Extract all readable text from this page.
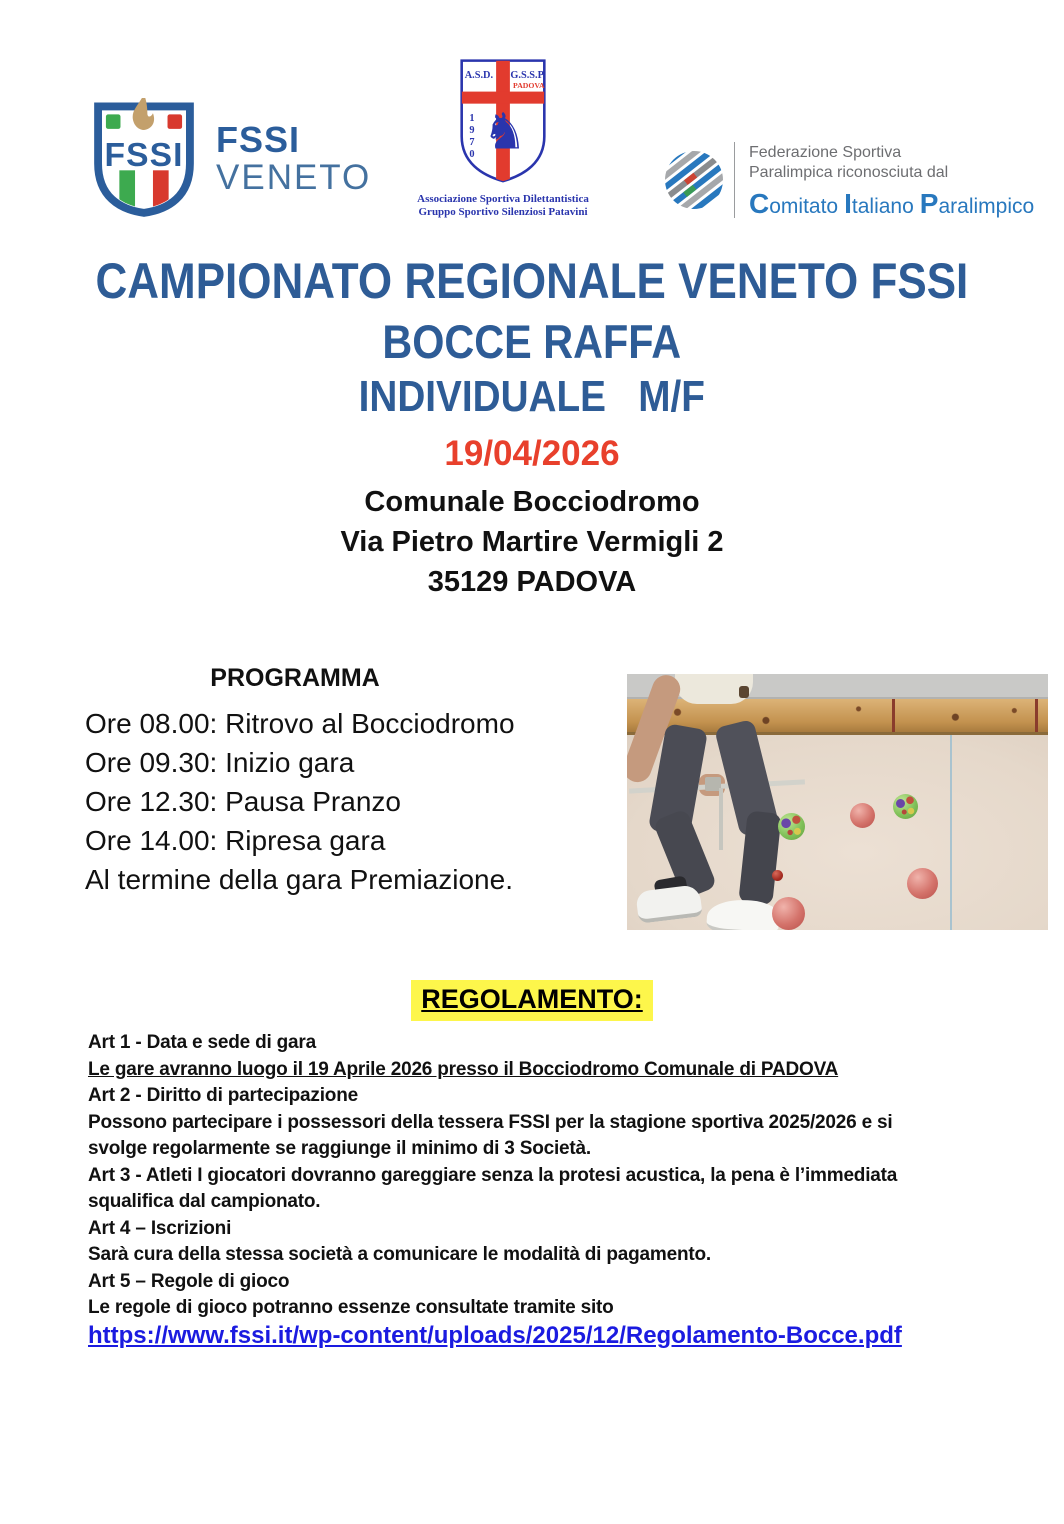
FSSI FSSI
VENETO
A.S.D. G.S.S.P.
PADOVA
1
9
7
0 ♞
Associazione Sportiva Dilettantistica
Gruppo Sportivo Silenziosi Patavini
Federazione Sportiva
Paralimpica riconosciuta dal
Comitato Italiano Paralimpico
CAMPIONATO REGIONALE VENETO FSSI
BOCCE RAFFA
INDIVIDUALE   M/F
19/04/2026
Comunale Bocciodromo
Via Pietro Martire Vermigli 2
35129 PADOVA
PROGRAMMA
Ore 08.00: Ritrovo al Bocciodromo
Ore 09.30: Inizio gara
Ore 12.30: Pausa Pranzo
Ore 14.00: Ripresa gara
Al termine della gara Premiazione.
REGOLAMENTO:
Art 1 - Data e sede di gara
Le gare avranno luogo il 19 Aprile 2026 presso il Bocciodromo Comunale di PADOVA
Art 2 - Diritto di partecipazione
Possono partecipare i possessori della tessera FSSI per la stagione sportiva 2025/2026 e si
svolge regolarmente se raggiunge il minimo di 3 Società.
Art 3 - Atleti I giocatori dovranno gareggiare senza la protesi acustica, la pena è l’immediata
squalifica dal campionato.
Art 4 – Iscrizioni
Sarà cura della stessa società a comunicare le modalità di pagamento.
Art 5 – Regole di gioco
Le regole di gioco potranno essenze consultate tramite sito
https://www.fssi.it/wp-content/uploads/2025/12/Regolamento-Bocce.pdf
